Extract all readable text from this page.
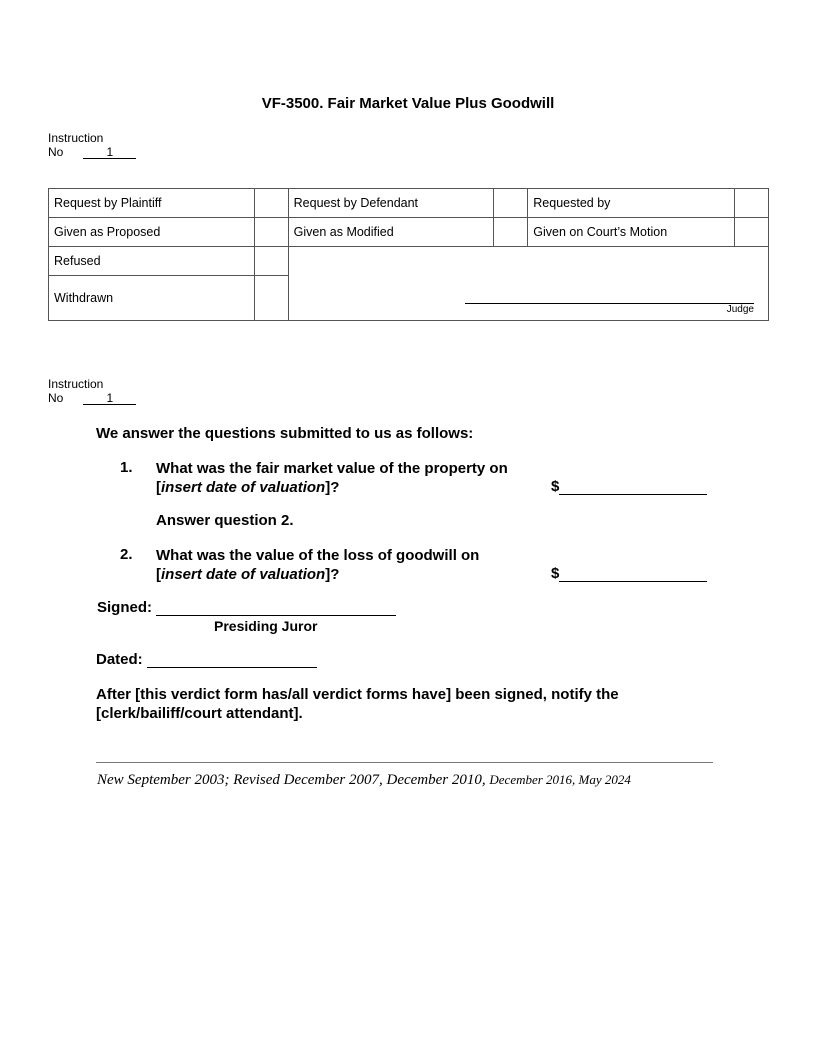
VF-3500. Fair Market Value Plus Goodwill
Instruction
No	1
Request by Plaintiff		Request by Defendant		Requested by	
Given as Proposed		Given as Modified		Given on Court’s Motion	
Refused		Judge			

Withdrawn					
Instruction
No	1
We answer the questions submitted to us as follows:
1. What was the fair market value of the property on
[insert date of valuation]?	$
Answer question 2.
2. What was the value of the loss of goodwill on
[insert date of valuation]?	$
Signed:
Presiding Juror
Dated:
After [this verdict form has/all verdict forms have] been signed, notify the
[clerk/bailiff/court attendant].
New September 2003; Revised December 2007, December 2010, December 2016, May 2024
